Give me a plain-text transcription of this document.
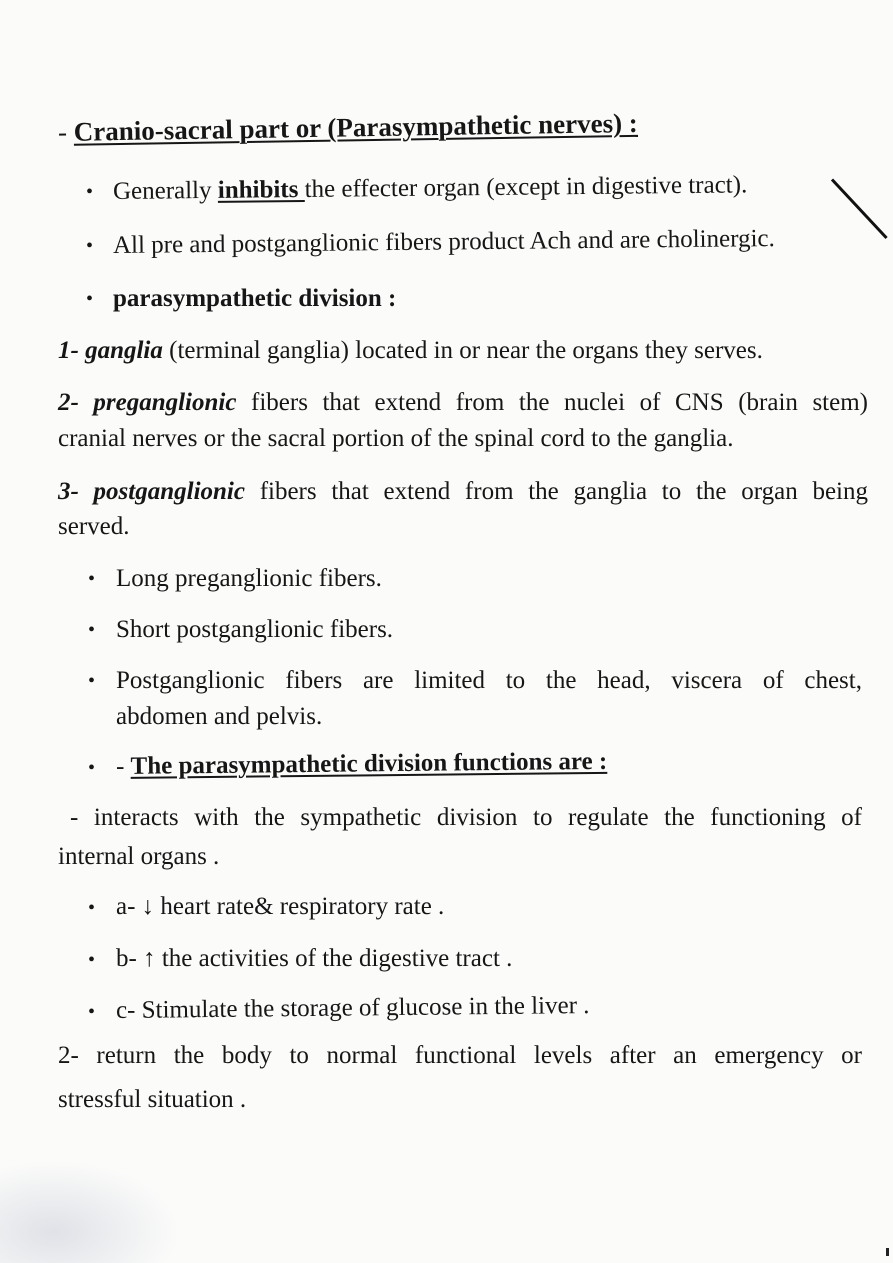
- Cranio-sacral part or (Parasympathetic nerves) :
• Generally inhibits the effecter organ (except in digestive tract).
• All pre and postganglionic fibers product Ach and are cholinergic.
• parasympathetic division :
1- ganglia (terminal ganglia) located in or near the organs they serves.
2- preganglionic fibers that extend from the nuclei of CNS (brain stem)
cranial nerves or the sacral portion of the spinal cord to the ganglia.
3- postganglionic fibers that extend from the ganglia to the organ being
served.
• Long preganglionic fibers.
• Short postganglionic fibers.
• Postganglionic fibers are limited to the head, viscera of chest,
abdomen and pelvis.
• - The parasympathetic division functions are :
- interacts with the sympathetic division to regulate the functioning of
internal organs .
• a- ↓ heart rate& respiratory rate .
• b- ↑ the activities of the digestive tract .
• c- Stimulate the storage of glucose in the liver .
2- return the body to normal functional levels after an emergency or
stressful situation .
